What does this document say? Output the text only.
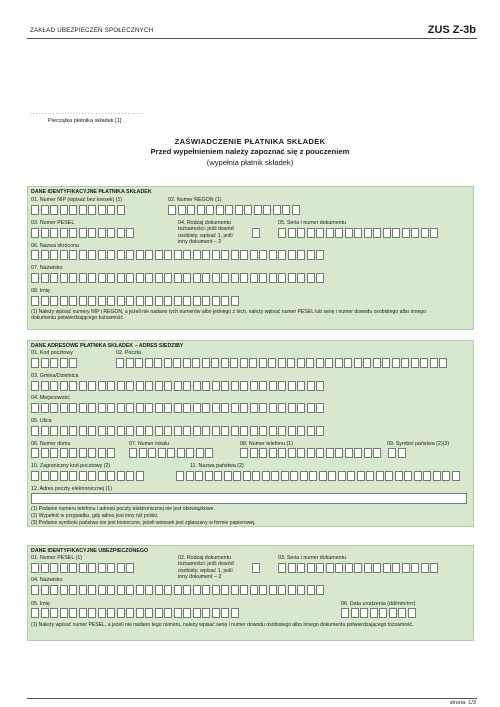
ZAKŁAD UBEZPIECZEŃ SPOŁECZNYCH	ZUS Z-3b
........................................
Pieczątka płatnika składek [1]
ZAŚWIADCZENIE PŁATNIKA SKŁADEK
Przed wypełnieniem należy zapoznać się z pouczeniem
(wypełnia płatnik składek)
DANE IDENTYFIKACYJNE PŁATNIKA SKŁADEK
01. Numer NIP (wpisać bez kresek) (1)	02. Numer REGON (1)
03. Numer PESEL	04. Rodzaj dokumentu tożsamości: jeśli dowód osobisty, wpisać 1, jeśli inny dokument – 2
05. Seria i numer dokumentu
06. Nazwa skrócona
07. Nazwisko
08. Imię
(1) Należy wpisać numery NIP i REGON, a jeżeli nie nadano tych numerów albo jednego z nich, należy wpisać numer PESEL lub serię i numer dowodu osobistego albo innego dokumentu potwierdzającego tożsamość.
DANE ADRESOWE PŁATNIKA SKŁADEK – ADRES SIEDZIBY
01. Kod pocztowy	02. Poczta
03. Gmina/Dzielnica
04. Miejscowość
05. Ulica
06. Numer domu	07. Numer lokalu	08. Numer telefonu (1)	09. Symbol państwa (2)(3)
10. Zagraniczny kod pocztowy (2)	11. Nazwa państwa (2)
12. Adres poczty elektronicznej (1)
(1) Podanie numeru telefonu i adresu poczty elektronicznej nie jest obowiązkowe.
(2) Wypełnić w przypadku, gdy adres jest inny niż polski.
(3) Podanie symbolu państwa nie jest konieczne, jeżeli wniosek jest zgłaszany w formie papierowej.
DANE IDENTYFIKACYJNE UBEZPIECZONEGO
01. Numer PESEL (1)	02. Rodzaj dokumentu tożsamości: jeśli dowód osobisty, wpisać 1, jeśli inny dokument – 2
03. Seria i numer dokumentu
04. Nazwisko
05. Imię	06. Data urodzenia (dd/mm/rrrr)
(1) Należy wpisać numer PESEL, a jeżeli nie nadano tego numeru, należy wpisać serię i numer dowodu osobistego albo innego dokumentu potwierdzającego tożsamość.
strona: 1/3
